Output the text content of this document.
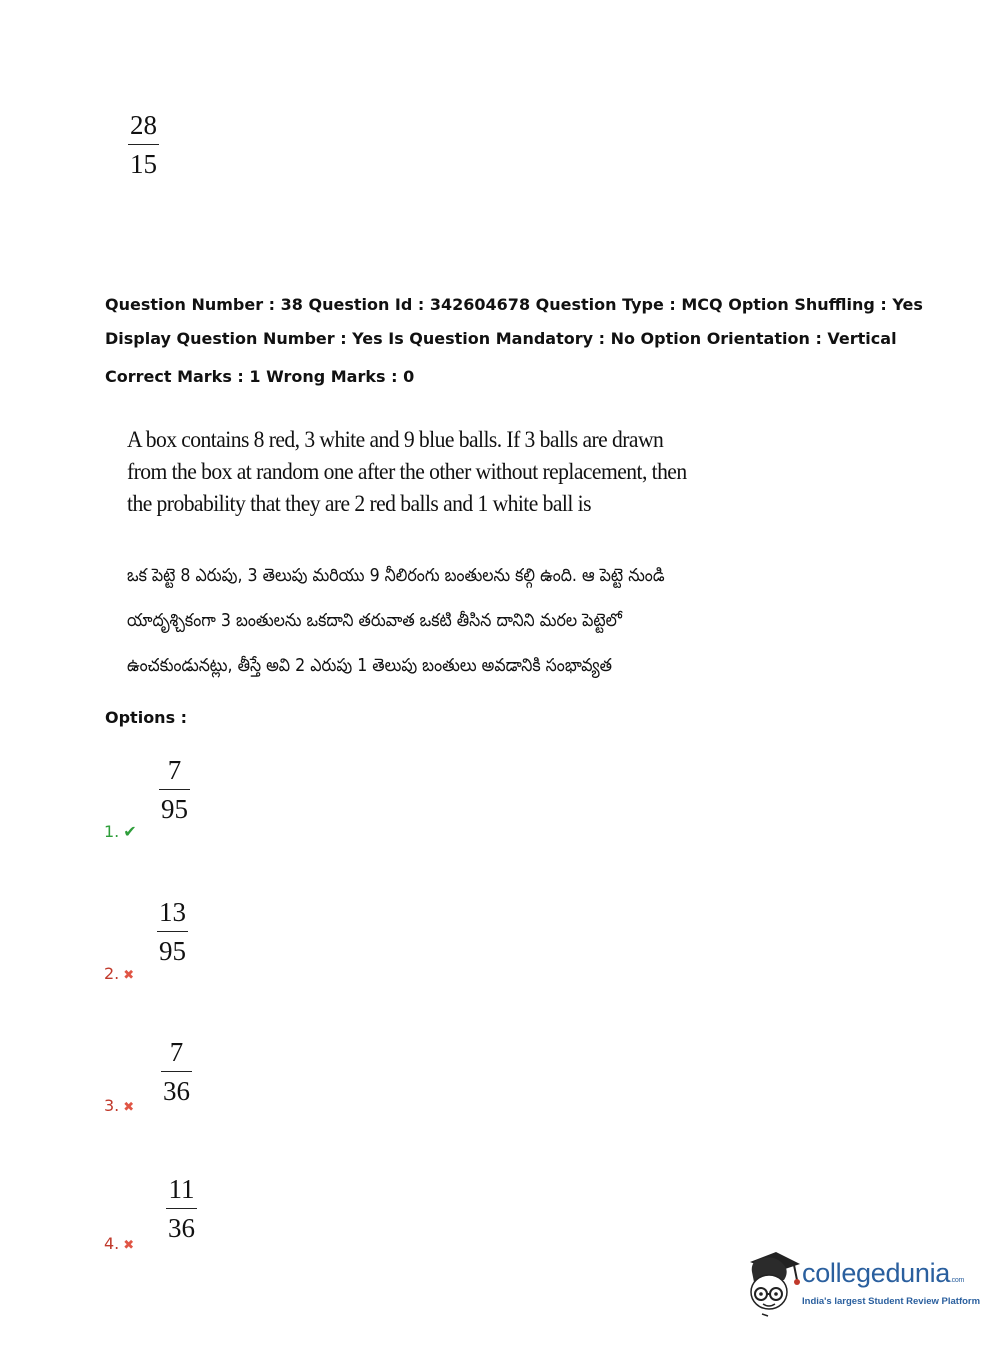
28
15
Question Number : 38 Question Id : 342604678 Question Type : MCQ Option Shuffling : Yes
Display Question Number : Yes Is Question Mandatory : No Option Orientation : Vertical
Correct Marks : 1 Wrong Marks : 0
A box contains 8 red, 3 white and 9 blue balls. If 3 balls are drawn from the box at random one after the other without replacement, then the probability that they are 2 red balls and 1 white ball is
ఒక పెట్టె 8 ఎరుపు, 3 తెలుపు మరియు 9 నీలిరంగు బంతులను కల్గి ఉంది. ఆ పెట్టె నుండి యాదృశ్చికంగా 3 బంతులను ఒకదాని తరువాత ఒకటి తీసిన దానిని మరల పెట్టెలో ఉంచకుండునట్లు, తీస్తే అవి 2 ఎరుపు 1 తెలుపు బంతులు అవడానికి సంభావ్యత
Options :
7
95
1. ✔
13
95
2. ✖
7
36
3. ✖
11
36
4. ✖
collegedunia.com
India's largest Student Review Platform
